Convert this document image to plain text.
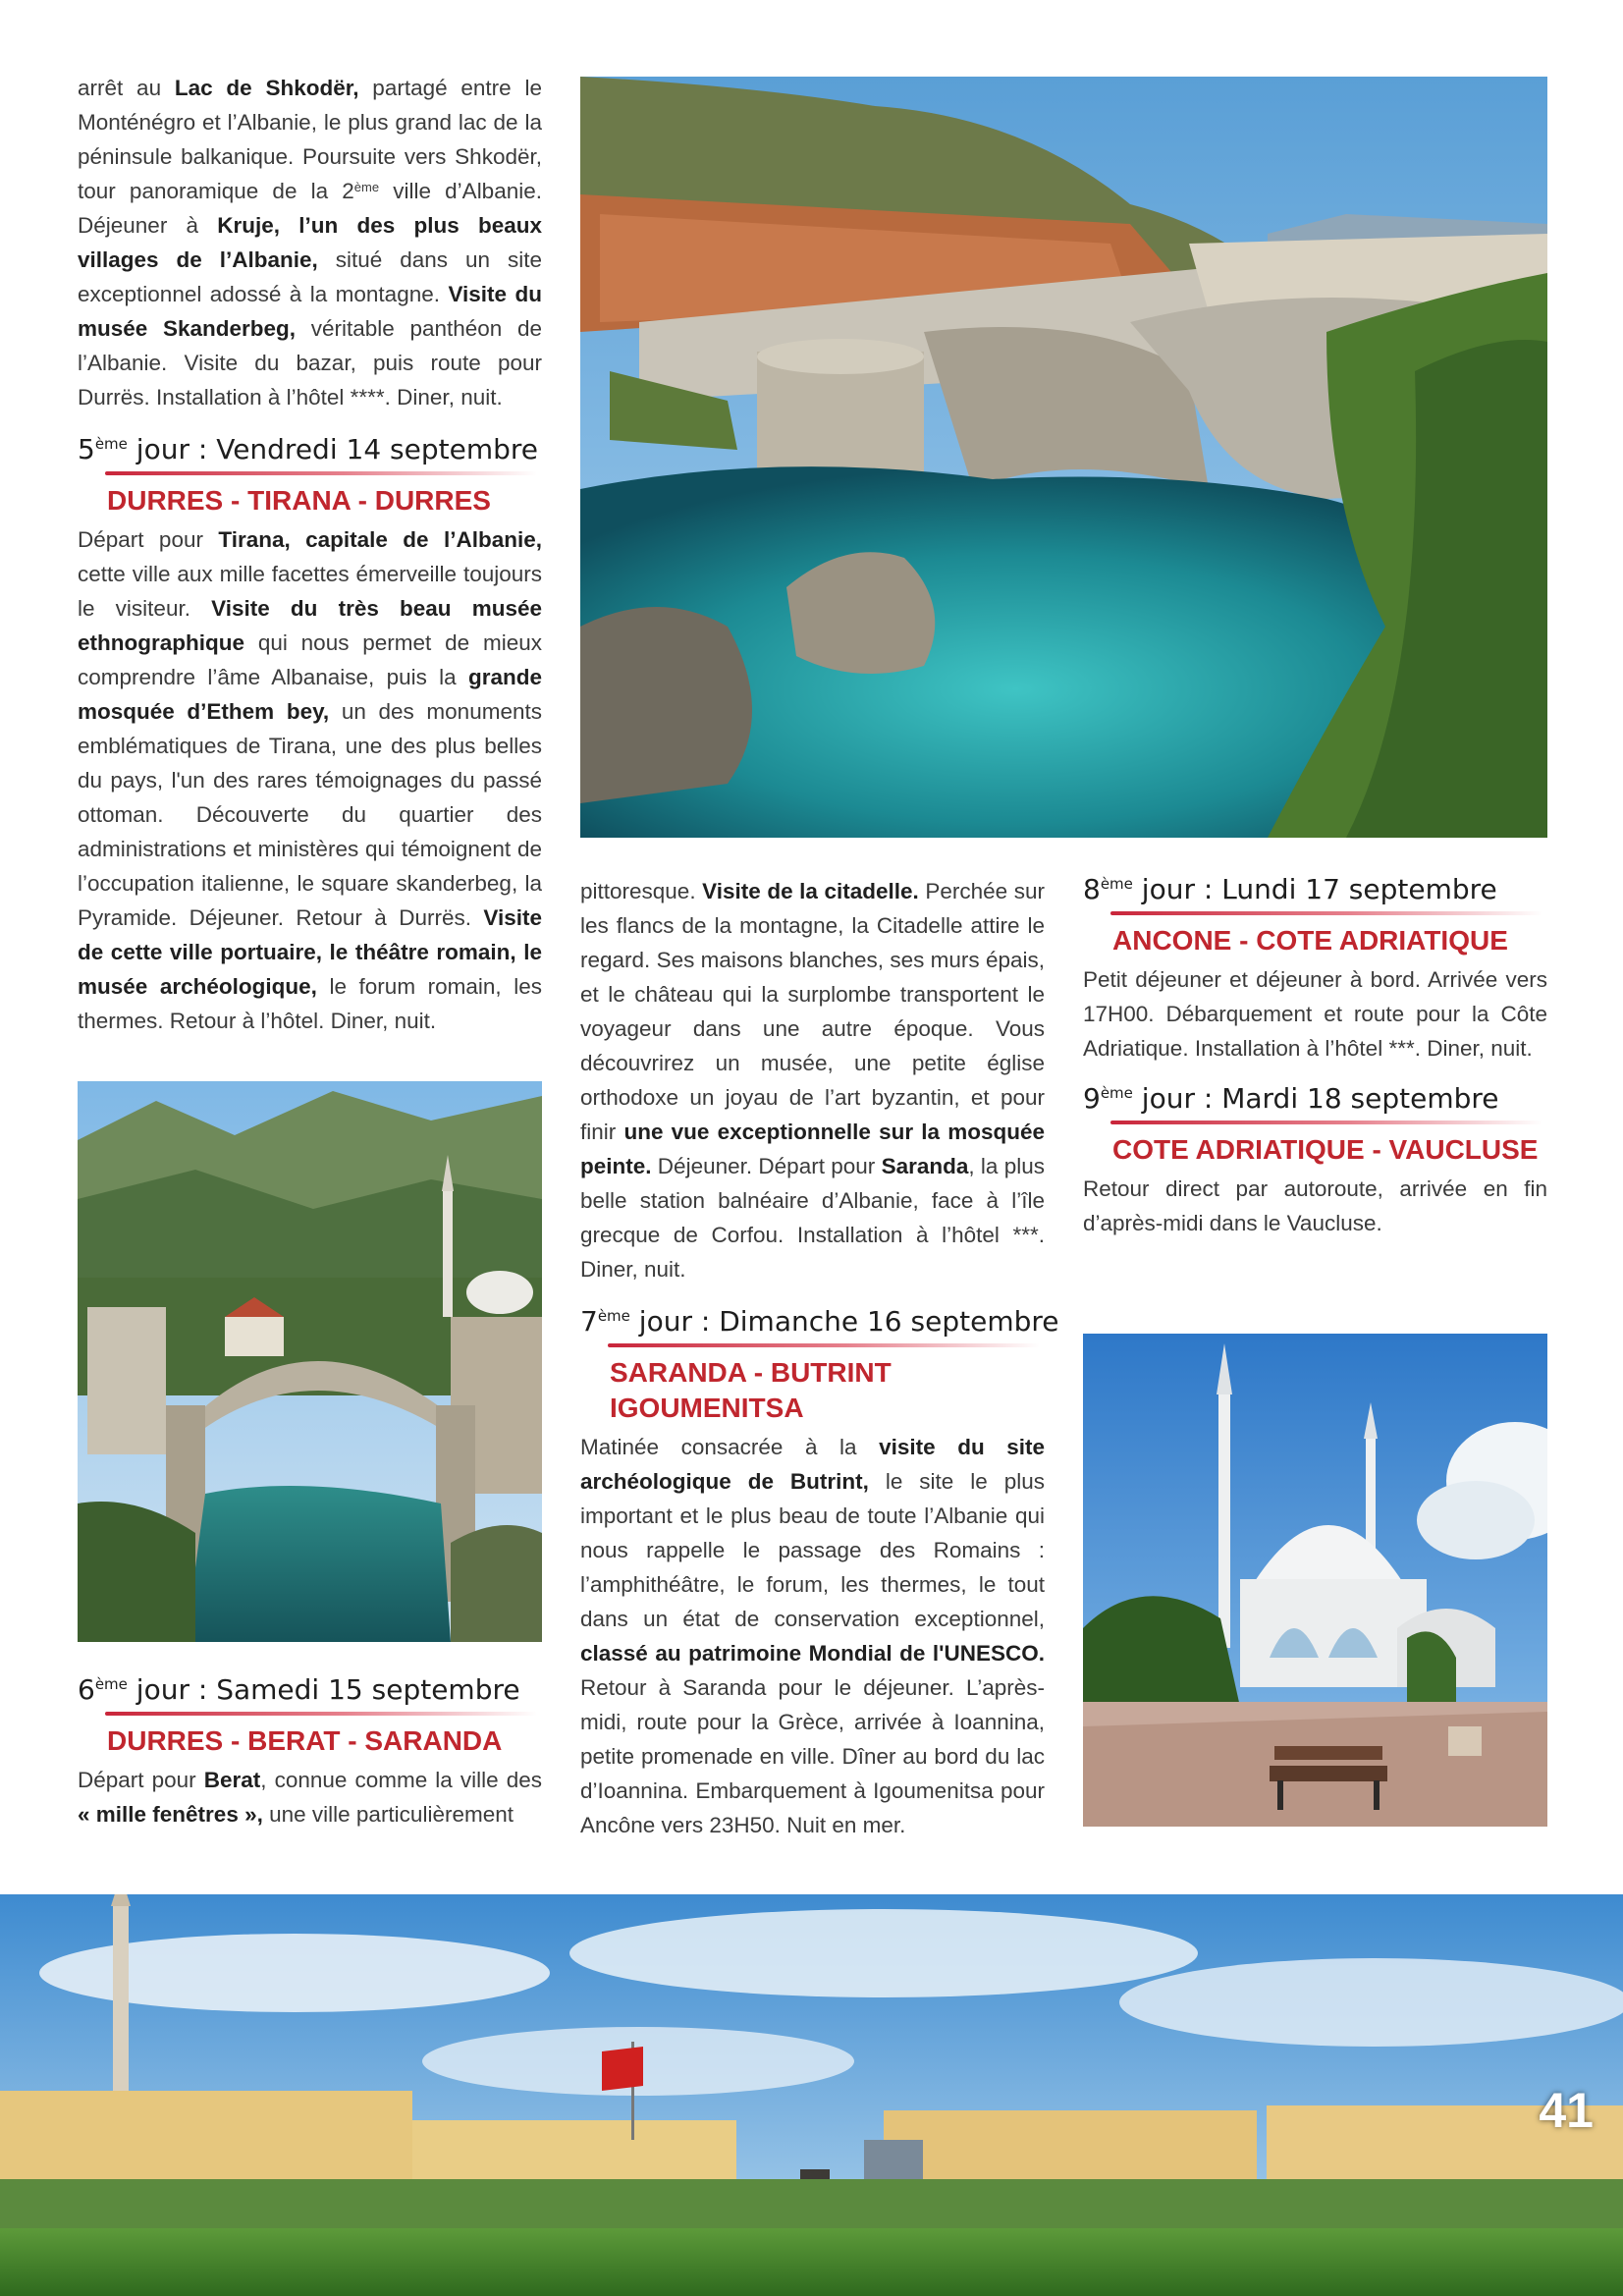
arrêt au Lac de Shkodër, partagé entre le Monténégro et l’Albanie, le plus grand lac de la péninsule balkanique. Poursuite vers Shkodër, tour panoramique de la 2ème ville d’Albanie. Déjeuner à Kruje, l’un des plus beaux villages de l’Albanie, situé dans un site exceptionnel adossé à la montagne. Visite du musée Skanderbeg, véritable panthéon de l’Albanie. Visite du bazar, puis route pour Durrës. Installation à l’hôtel ****. Diner, nuit.

5ème jour : Vendredi 14 septembre

DURRES - TIRANA - DURRES

Départ pour Tirana, capitale de l’Albanie, cette ville aux mille facettes émerveille toujours le visiteur. Visite du très beau musée ethnographique qui nous permet de mieux comprendre l’âme Albanaise, puis la grande mosquée d’Ethem bey, un des monuments emblématiques de Tirana, une des plus belles du pays, l'un des rares témoignages du passé ottoman. Découverte du quartier des administrations et ministères qui témoignent de l’occupation italienne, le square skanderbeg, la Pyramide. Déjeuner. Retour à Durrës. Visite de cette ville portuaire, le théâtre romain, le musée archéologique, le forum romain, les thermes. Retour à l’hôtel. Diner, nuit.

6ème jour : Samedi 15 septembre

DURRES - BERAT - SARANDA

Départ pour Berat, connue comme la ville des « mille fenêtres », une ville particulièrement

pittoresque. Visite de la citadelle. Perchée sur les flancs de la montagne, la Citadelle attire le regard. Ses maisons blanches, ses murs épais, et le château qui la surplombe transportent le voyageur dans une autre époque. Vous découvrirez un musée, une petite église orthodoxe un joyau de l’art byzantin, et pour finir une vue exceptionnelle sur la mosquée peinte. Déjeuner. Départ pour Saranda, la plus belle station balnéaire d’Albanie, face à l’île grecque de Corfou. Installation à l’hôtel ***. Diner, nuit.

7ème jour : Dimanche 16 septembre

SARANDA - BUTRINT
IGOUMENITSA

Matinée consacrée à la visite du site archéologique de Butrint, le site le plus important et le plus beau de toute l’Albanie qui nous rappelle le passage des Romains : l’amphithéâtre, le forum, les thermes, le tout dans un état de conservation exceptionnel, classé au patrimoine Mondial de l'UNESCO. Retour à Saranda pour le déjeuner. L’après-midi, route pour la Grèce, arrivée à Ioannina, petite promenade en ville. Dîner au bord du lac d’Ioannina. Embarquement à Igoumenitsa pour Ancône vers 23H50. Nuit en mer.

8ème jour : Lundi 17 septembre

ANCONE - COTE ADRIATIQUE

Petit déjeuner et déjeuner à bord. Arrivée vers 17H00. Débarquement et route pour la Côte Adriatique. Installation à l’hôtel ***. Diner, nuit.

9ème jour : Mardi 18 septembre

COTE ADRIATIQUE - VAUCLUSE

Retour direct par autoroute, arrivée en fin d’après-midi dans le Vaucluse.

41
